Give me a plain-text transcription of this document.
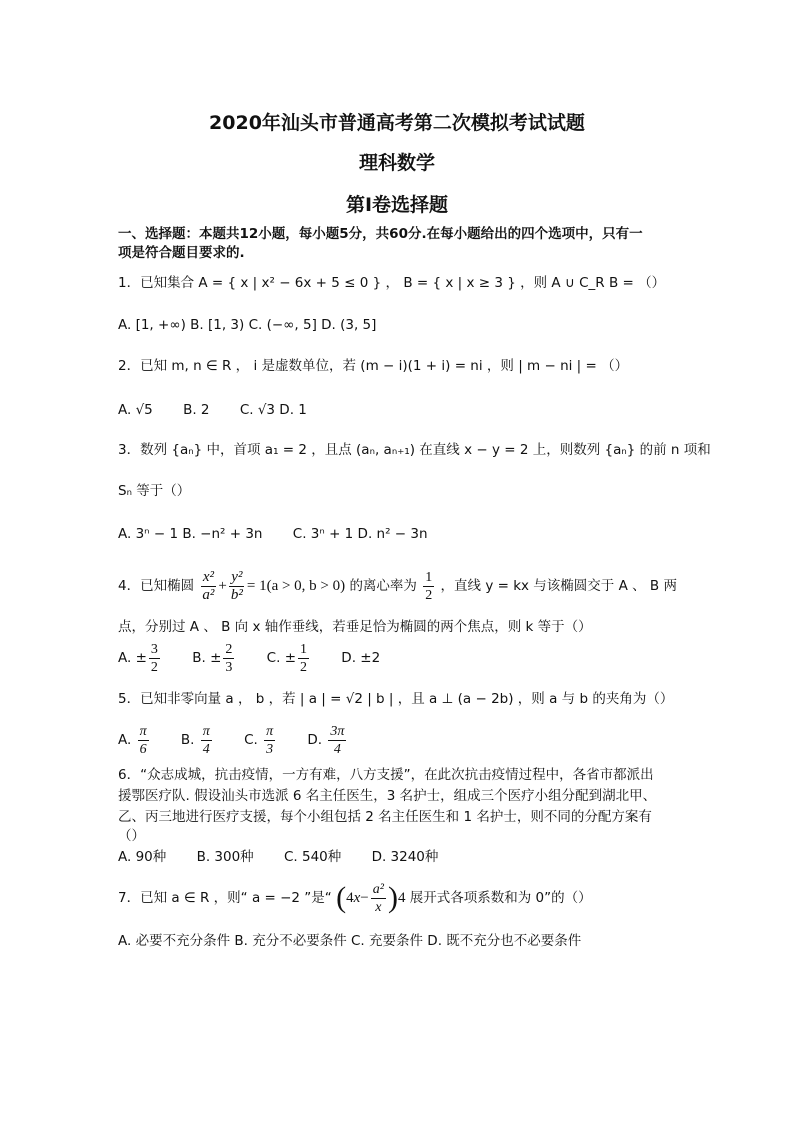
2020年汕头市普通高考第二次模拟考试试题
理科数学
第Ⅰ卷选择题
一、选择题：本题共12小题，每小题5分，共60分.在每小题给出的四个选项中，只有一
项是符合题目要求的.
1．已知集合 A = { x | x² − 6x + 5 ≤ 0 } ， B = { x | x ≥ 3 } ，则 A ∪ C_R B = （）
A. [1, +∞) B. [1, 3) C. (−∞, 5] D. (3, 5]
2．已知 m, n ∈ R ， i 是虚数单位，若 (m − i)(1 + i) = ni ，则 | m − ni | = （）
A. √5 B. 2 C. √3 D. 1
3．数列 {aₙ} 中，首项 a₁ = 2 ，且点 (aₙ, aₙ₊₁) 在直线 x − y = 2 上，则数列 {aₙ} 的前 n 项和
Sₙ 等于（）
A. 3ⁿ − 1 B. −n² + 3n C. 3ⁿ + 1 D. n² − 3n
4．已知椭圆 $\frac{\text{x²}}{\text{a²}} + \frac{\text{y²}}{\text{b²}} = 1(a > 0$, b > 0) 的离心率为 $\frac{1}{2}$ ，直线 y = kx 与该椭圆交于 A 、 B 两
点，分别过 A 、 B 向 x 轴作垂线，若垂足恰为椭圆的两个焦点，则 k 等于（）
A. ± $\frac{3}{2} B$. ± $\frac{2}{3} C$. ± $\frac{1}{2} D$. ±2
5．已知非零向量 a ， b ，若 | a | = √2 | b | ，且 a ⊥ (a − 2b) ，则 a 与 b 的夹角为（）
A. $\frac{\pi}{6} B$. $\frac{\pi}{4} C$. $\frac{\pi}{3} D$. $\frac{3\pi}{4}$
6．“众志成城，抗击疫情，一方有难，八方支援”，在此次抗击疫情过程中，各省市都派出
援鄂医疗队. 假设汕头市选派 6 名主任医生，3 名护士，组成三个医疗小组分配到湖北甲、
乙、丙三地进行医疗支援，每个小组包括 2 名主任医生和 1 名护士，则不同的分配方案有
（）
A. 90种 B. 300种 C. 540种 D. 3240种
7．已知 a ∈ R ，则“ a = −2 ”是“ ( 4 $x - \frac{\text{a²}}{x}$ ) 4 展开式各项系数和为 0”的（）
A. 必要不充分条件 B. 充分不必要条件 C. 充要条件 D. 既不充分也不必要条件
